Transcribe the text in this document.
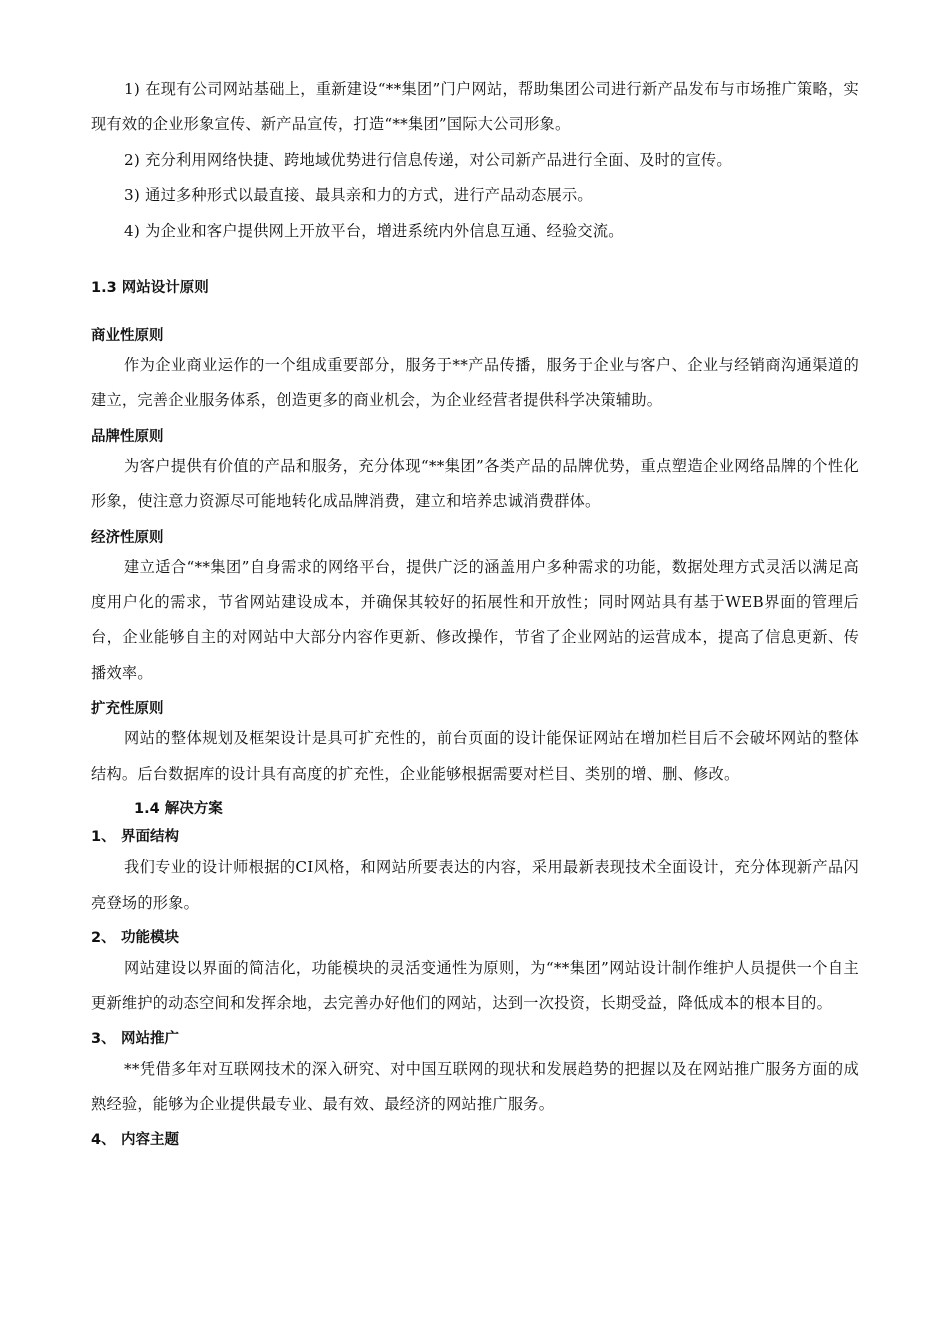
1) 在现有公司网站基础上，重新建设“**集团”门户网站，帮助集团公司进行新产品发布与市场推广策略，实现有效的企业形象宣传、新产品宣传，打造“**集团”国际大公司形象。

2) 充分利用网络快捷、跨地域优势进行信息传递，对公司新产品进行全面、及时的宣传。

3) 通过多种形式以最直接、最具亲和力的方式，进行产品动态展示。

4) 为企业和客户提供网上开放平台，增进系统内外信息互通、经验交流。

1.3 网站设计原则
商业性原则

作为企业商业运作的一个组成重要部分，服务于**产品传播，服务于企业与客户、企业与经销商沟通渠道的建立，完善企业服务体系，创造更多的商业机会，为企业经营者提供科学决策辅助。

品牌性原则

为客户提供有价值的产品和服务，充分体现“**集团”各类产品的品牌优势，重点塑造企业网络品牌的个性化形象，使注意力资源尽可能地转化成品牌消费，建立和培养忠诚消费群体。

经济性原则

建立适合“**集团”自身需求的网络平台，提供广泛的涵盖用户多种需求的功能，数据处理方式灵活以满足高度用户化的需求，节省网站建设成本，并确保其较好的拓展性和开放性；同时网站具有基于WEB界面的管理后台，企业能够自主的对网站中大部分内容作更新、修改操作，节省了企业网站的运营成本，提高了信息更新、传播效率。

扩充性原则

网站的整体规划及框架设计是具可扩充性的，前台页面的设计能保证网站在增加栏目后不会破坏网站的整体结构。后台数据库的设计具有高度的扩充性，企业能够根据需要对栏目、类别的增、删、修改。

1.4 解决方案
1、 界面结构

我们专业的设计师根据的CI风格，和网站所要表达的内容，采用最新表现技术全面设计，充分体现新产品闪亮登场的形象。

2、 功能模块

网站建设以界面的简洁化，功能模块的灵活变通性为原则，为“**集团”网站设计制作维护人员提供一个自主更新维护的动态空间和发挥余地，去完善办好他们的网站，达到一次投资，长期受益，降低成本的根本目的。

3、 网站推广

**凭借多年对互联网技术的深入研究、对中国互联网的现状和发展趋势的把握以及在网站推广服务方面的成熟经验，能够为企业提供最专业、最有效、最经济的网站推广服务。

4、 内容主题
